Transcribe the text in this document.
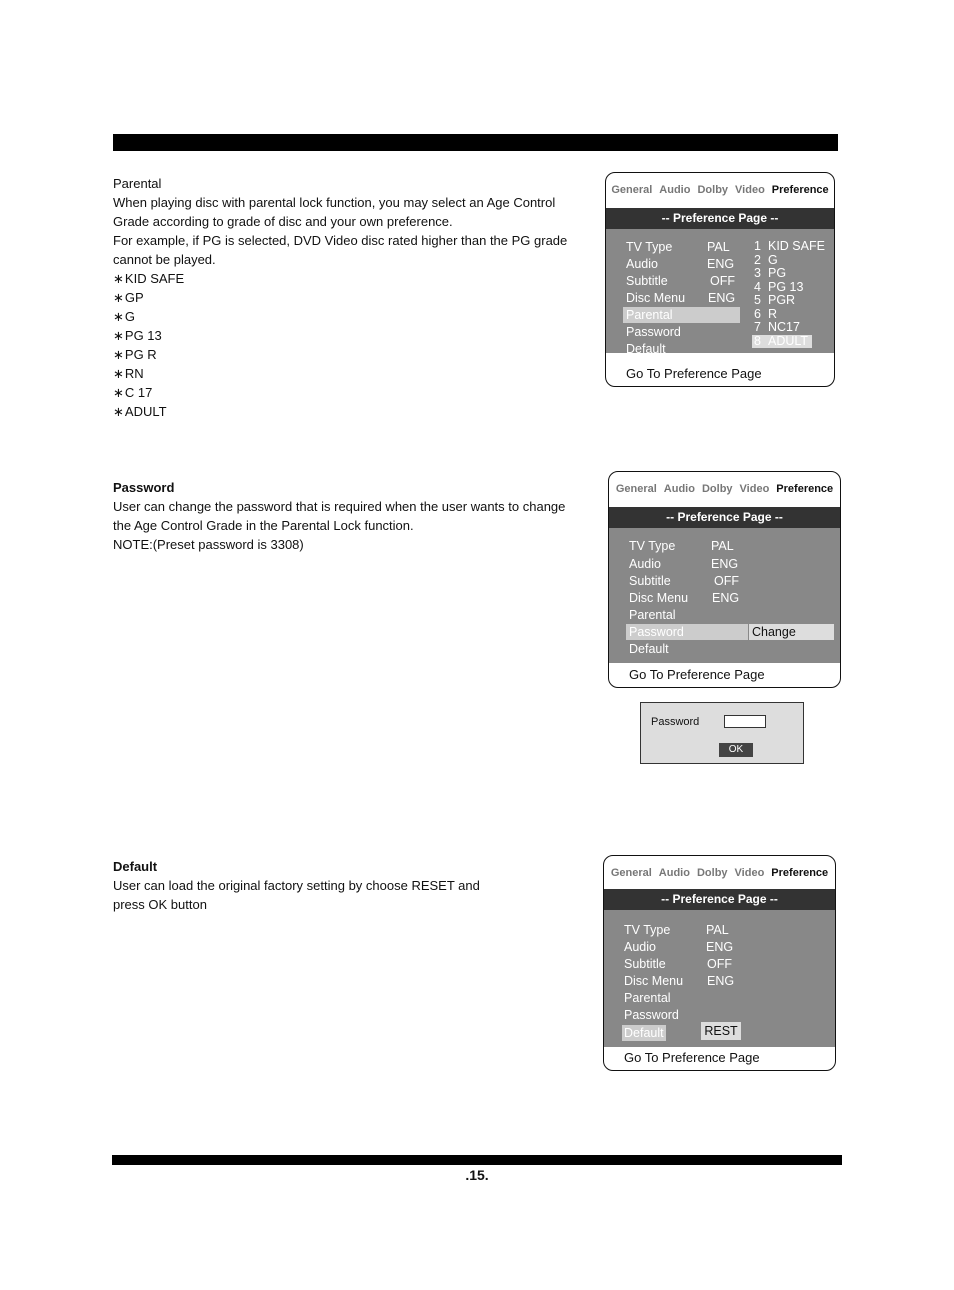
Parental

When playing disc with parental lock function, you may select an Age Control

Grade according to grade of disc and your own preference.

For example, if PG is selected, DVD Video disc rated higher than the PG grade

cannot be played.

∗KID SAFE

∗GP

∗G

∗PG 13

∗PG R

∗RN

∗C 17

∗ADULT

General Audio Dolby Video Preference
-- Preference Page --
TV Type
Audio
Subtitle
Disc Menu
Parental
Password
Default
PAL
ENG
OFF
ENG
1 KID SAFE
2 G
3 PG
4 PG 13
5 PGR
6 R
7 NC17
8 ADULT
Go To Preference Page

Password

User can change the password that is required when the user wants to change

the Age Control Grade in the Parental Lock function.

NOTE:(Preset password is 3308)

General Audio Dolby Video Preference
-- Preference Page --
TV Type
Audio
Subtitle
Disc Menu
Parental
Password
Default
PAL
ENG
OFF
ENG
Change
Go To Preference Page
Password
OK

Default

User can load the original factory setting by choose RESET and

press OK button

General Audio Dolby Video Preference
-- Preference Page --
TV Type
Audio
Subtitle
Disc Menu
Parental
Password
Default
PAL
ENG
OFF
ENG
REST
Go To Preference Page
.15.
